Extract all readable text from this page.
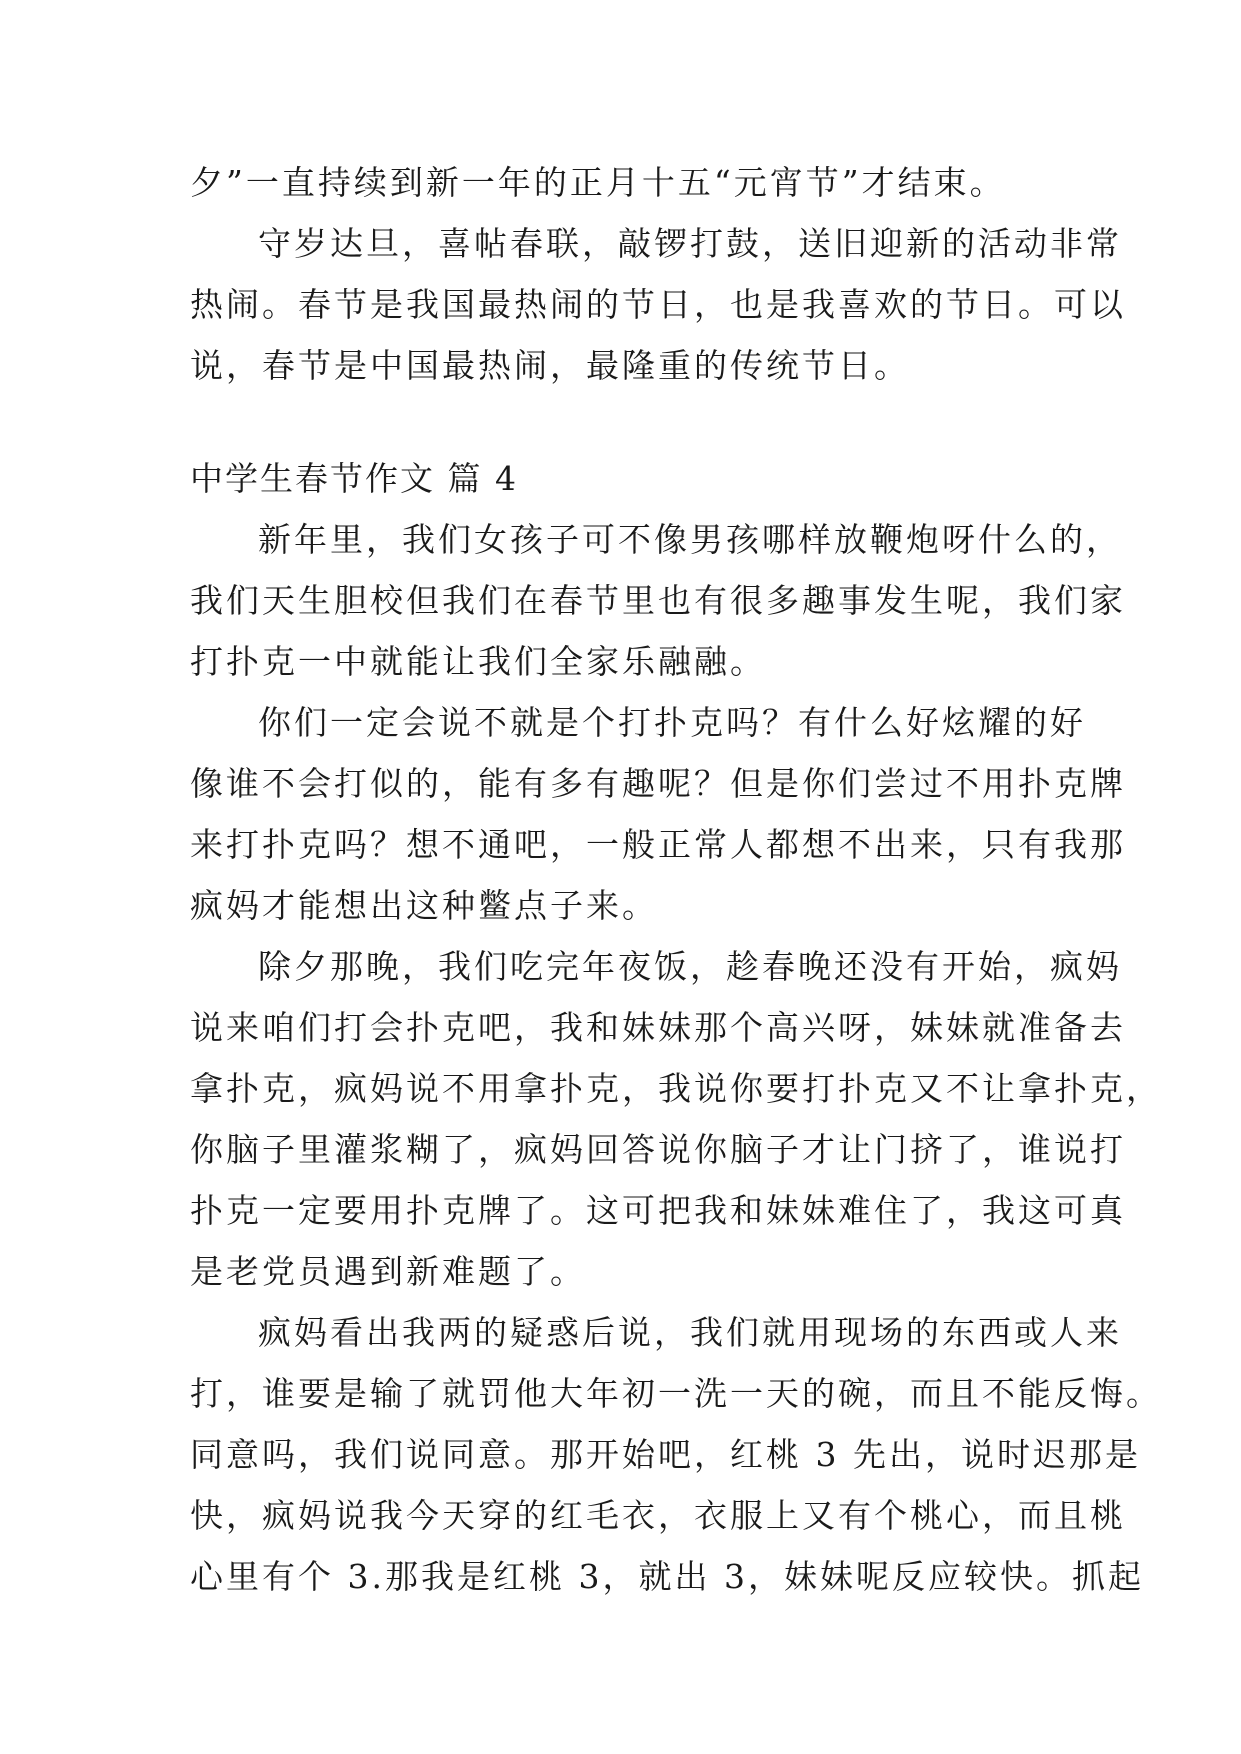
夕”一直持续到新一年的正月十五“元宵节”才结束。
守岁达旦，喜帖春联，敲锣打鼓，送旧迎新的活动非常
热闹。春节是我国最热闹的节日，也是我喜欢的节日。可以
说，春节是中国最热闹，最隆重的传统节日。
中学生春节作文 篇 4
新年里，我们女孩子可不像男孩哪样放鞭炮呀什么的，
我们天生胆校但我们在春节里也有很多趣事发生呢，我们家
打扑克一中就能让我们全家乐融融。
你们一定会说不就是个打扑克吗？有什么好炫耀的好
像谁不会打似的，能有多有趣呢？但是你们尝过不用扑克牌
来打扑克吗？想不通吧，一般正常人都想不出来，只有我那
疯妈才能想出这种鳖点子来。
除夕那晚，我们吃完年夜饭，趁春晚还没有开始，疯妈
说来咱们打会扑克吧，我和妹妹那个高兴呀，妹妹就准备去
拿扑克，疯妈说不用拿扑克，我说你要打扑克又不让拿扑克，
你脑子里灌浆糊了，疯妈回答说你脑子才让门挤了，谁说打
扑克一定要用扑克牌了。这可把我和妹妹难住了，我这可真
是老党员遇到新难题了。
疯妈看出我两的疑惑后说，我们就用现场的东西或人来
打，谁要是输了就罚他大年初一洗一天的碗，而且不能反悔。
同意吗，我们说同意。那开始吧，红桃 3 先出，说时迟那是
快，疯妈说我今天穿的红毛衣，衣服上又有个桃心，而且桃
心里有个 3.那我是红桃 3，就出 3，妹妹呢反应较快。抓起
